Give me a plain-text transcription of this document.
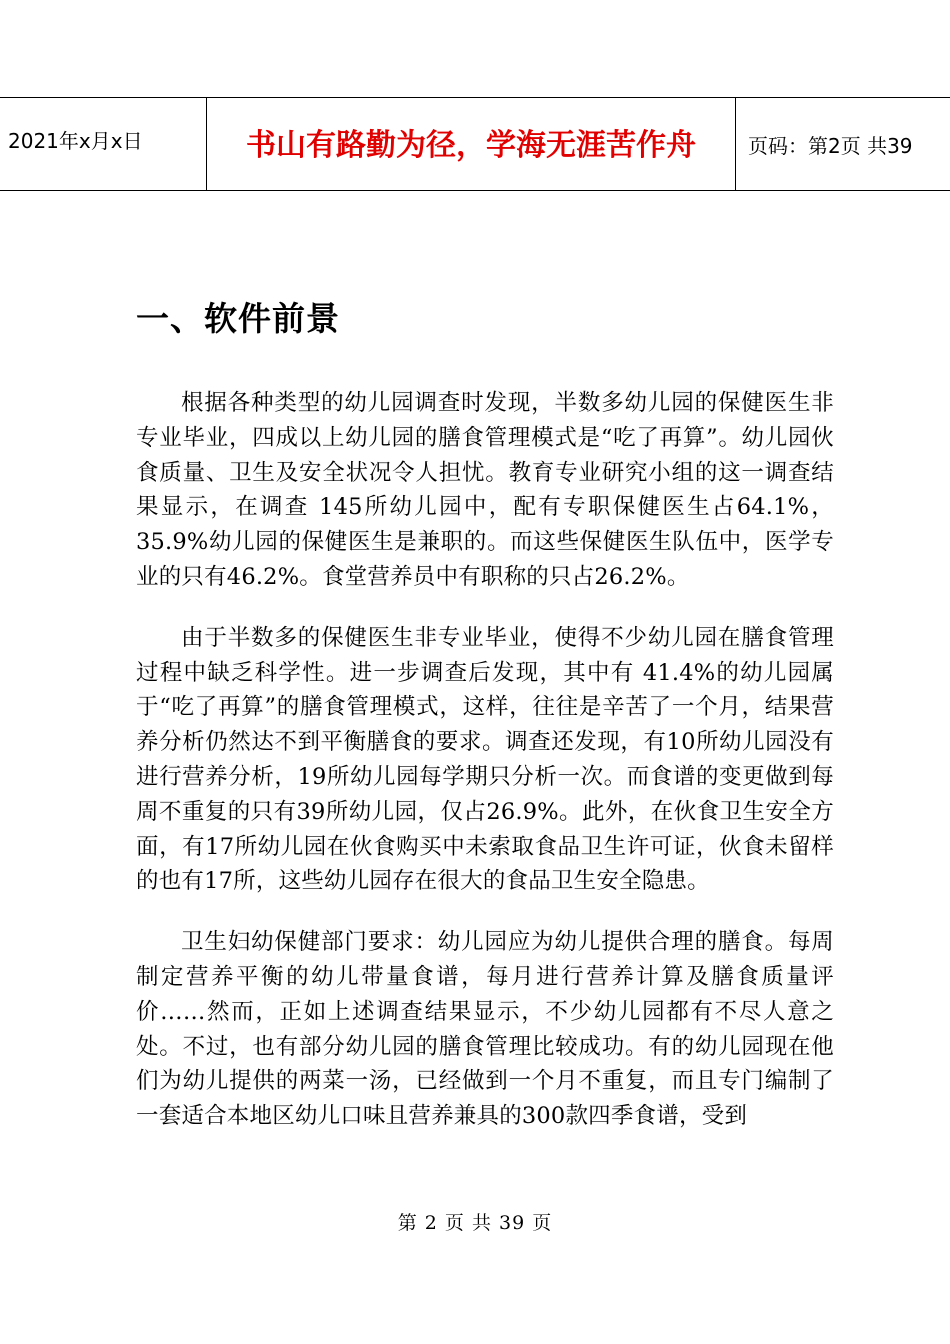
2021年x月x日	书山有路勤为径，学海无涯苦作舟	页码：第2页 共39
一、软件前景

根据各种类型的幼儿园调查时发现，半数多幼儿园的保健医生非专业毕业，四成以上幼儿园的膳食管理模式是“吃了再算”。幼儿园伙食质量、卫生及安全状况令人担忧。教育专业研究小组的这一调查结果显示，在调查 145所幼儿园中，配有专职保健医生占64.1%，35.9%幼儿园的保健医生是兼职的。而这些保健医生队伍中，医学专业的只有46.2%。食堂营养员中有职称的只占26.2%。

由于半数多的保健医生非专业毕业，使得不少幼儿园在膳食管理过程中缺乏科学性。进一步调查后发现，其中有 41.4%的幼儿园属于“吃了再算”的膳食管理模式，这样，往往是辛苦了一个月，结果营养分析仍然达不到平衡膳食的要求。调查还发现，有10所幼儿园没有进行营养分析，19所幼儿园每学期只分析一次。而食谱的变更做到每周不重复的只有39所幼儿园，仅占26.9%。此外，在伙食卫生安全方面，有17所幼儿园在伙食购买中未索取食品卫生许可证，伙食未留样的也有17所，这些幼儿园存在很大的食品卫生安全隐患。

卫生妇幼保健部门要求：幼儿园应为幼儿提供合理的膳食。每周制定营养平衡的幼儿带量食谱，每月进行营养计算及膳食质量评价……然而，正如上述调查结果显示，不少幼儿园都有不尽人意之处。不过，也有部分幼儿园的膳食管理比较成功。有的幼儿园现在他们为幼儿提供的两菜一汤，已经做到一个月不重复，而且专门编制了一套适合本地区幼儿口味且营养兼具的300款四季食谱，受到

第 2 页 共 39 页
